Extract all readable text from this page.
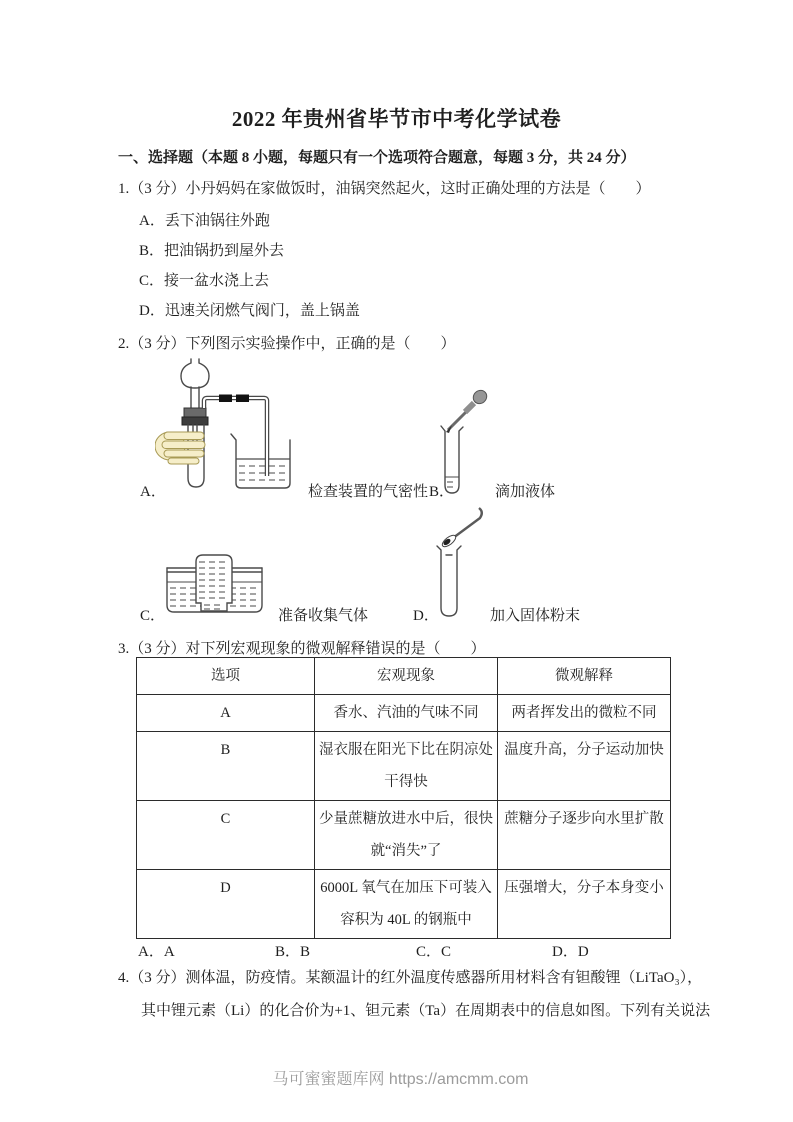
2022 年贵州省毕节市中考化学试卷
一、选择题（本题 8 小题，每题只有一个选项符合题意，每题 3 分，共 24 分）
1.（3 分）小丹妈妈在家做饭时，油锅突然起火，这时正确处理的方法是（　　）
A．丢下油锅往外跑
B．把油锅扔到屋外去
C．接一盆水浇上去
D．迅速关闭燃气阀门，盖上锅盖
2.（3 分）下列图示实验操作中，正确的是（　　）
A．	检查装置的气密性 B．	滴加液体
C．	准备收集气体	D．	加入固体粉末
3.（3 分）对下列宏观现象的微观解释错误的是（　　）
选项	宏观现象	微观解释

A	香水、汽油的气味不同	两者挥发出的微粒不同

B	湿衣服在阳光下比在阴凉处
干得快	温度升高，分子运动加快

C	少量蔗糖放进水中后，很快
就“消失”了	蔗糖分子逐步向水里扩散

D	6000L 氧气在加压下可装入
容积为 40L 的钢瓶中	压强增大，分子本身变小
A．A	B．B	C．C	D．D
4.（3 分）测体温，防疫情。某额温计的红外温度传感器所用材料含有钽酸锂（LiTaO₃），
其中锂元素（Li）的化合价为+1、钽元素（Ta）在周期表中的信息如图。下列有关说法
马可蜜蜜题库网 https://amcmm.com
